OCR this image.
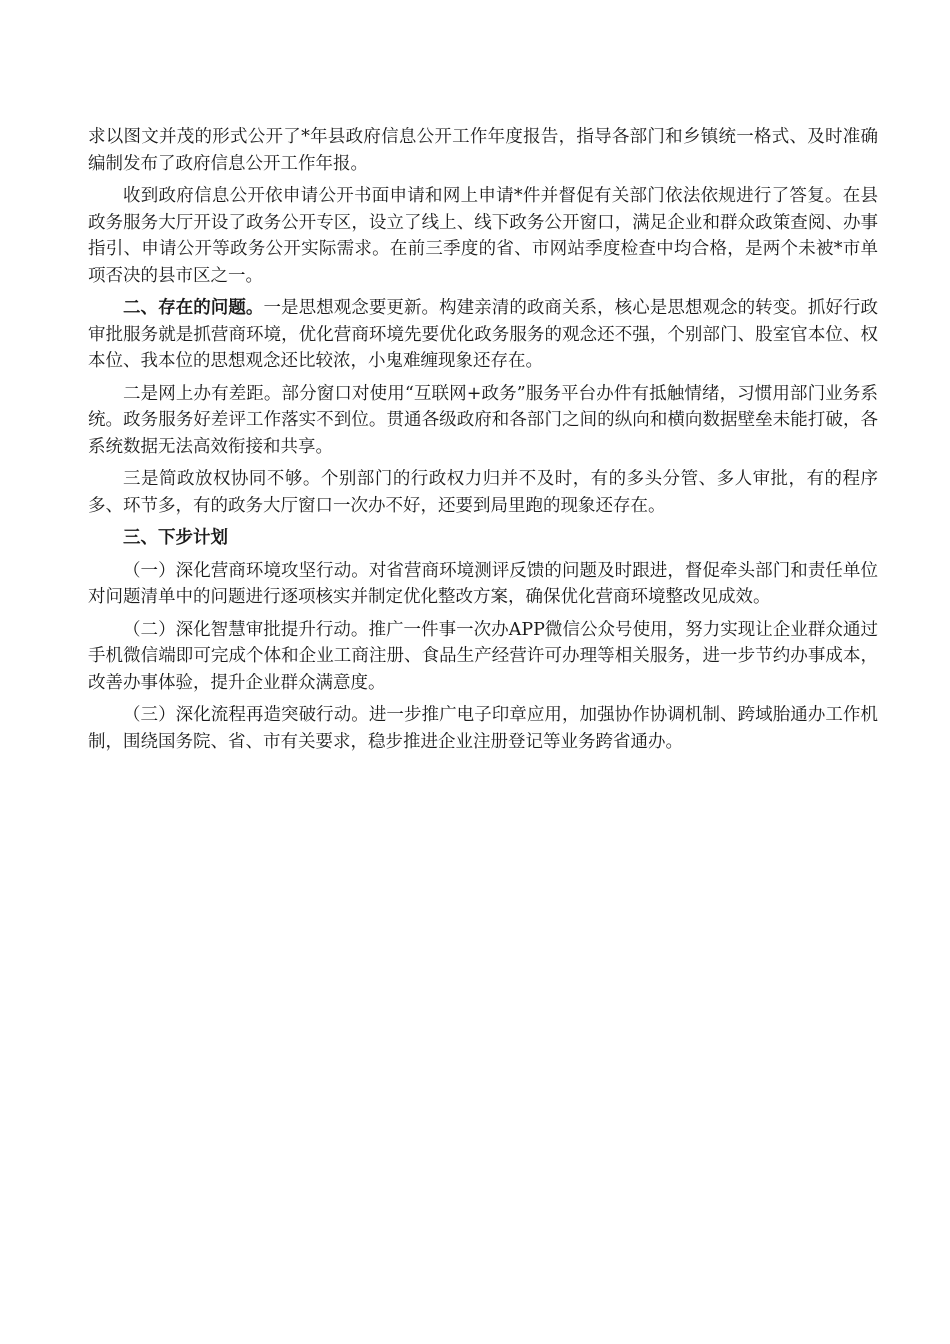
求以图文并茂的形式公开了*年县政府信息公开工作年度报告，指导各部门和乡镇统一格式、及时准确编制发布了政府信息公开工作年报。

收到政府信息公开依申请公开书面申请和网上申请*件并督促有关部门依法依规进行了答复。在县政务服务大厅开设了政务公开专区，设立了线上、线下政务公开窗口，满足企业和群众政策查阅、办事指引、申请公开等政务公开实际需求。在前三季度的省、市网站季度检查中均合格，是两个未被*市单项否决的县市区之一。

二、存在的问题。一是思想观念要更新。构建亲清的政商关系，核心是思想观念的转变。抓好行政审批服务就是抓营商环境，优化营商环境先要优化政务服务的观念还不强，个别部门、股室官本位、权本位、我本位的思想观念还比较浓，小鬼难缠现象还存在。

二是网上办有差距。部分窗口对使用“互联网+政务”服务平台办件有抵触情绪，习惯用部门业务系统。政务服务好差评工作落实不到位。贯通各级政府和各部门之间的纵向和横向数据壁垒未能打破，各系统数据无法高效衔接和共享。

三是简政放权协同不够。个别部门的行政权力归并不及时，有的多头分管、多人审批，有的程序多、环节多，有的政务大厅窗口一次办不好，还要到局里跑的现象还存在。

三、下步计划

（一）深化营商环境攻坚行动。对省营商环境测评反馈的问题及时跟进，督促牵头部门和责任单位对问题清单中的问题进行逐项核实并制定优化整改方案，确保优化营商环境整改见成效。

（二）深化智慧审批提升行动。推广一件事一次办APP微信公众号使用，努力实现让企业群众通过手机微信端即可完成个体和企业工商注册、食品生产经营许可办理等相关服务，进一步节约办事成本，改善办事体验，提升企业群众满意度。

（三）深化流程再造突破行动。进一步推广电子印章应用，加强协作协调机制、跨域胎通办工作机制，围绕国务院、省、市有关要求，稳步推进企业注册登记等业务跨省通办。
